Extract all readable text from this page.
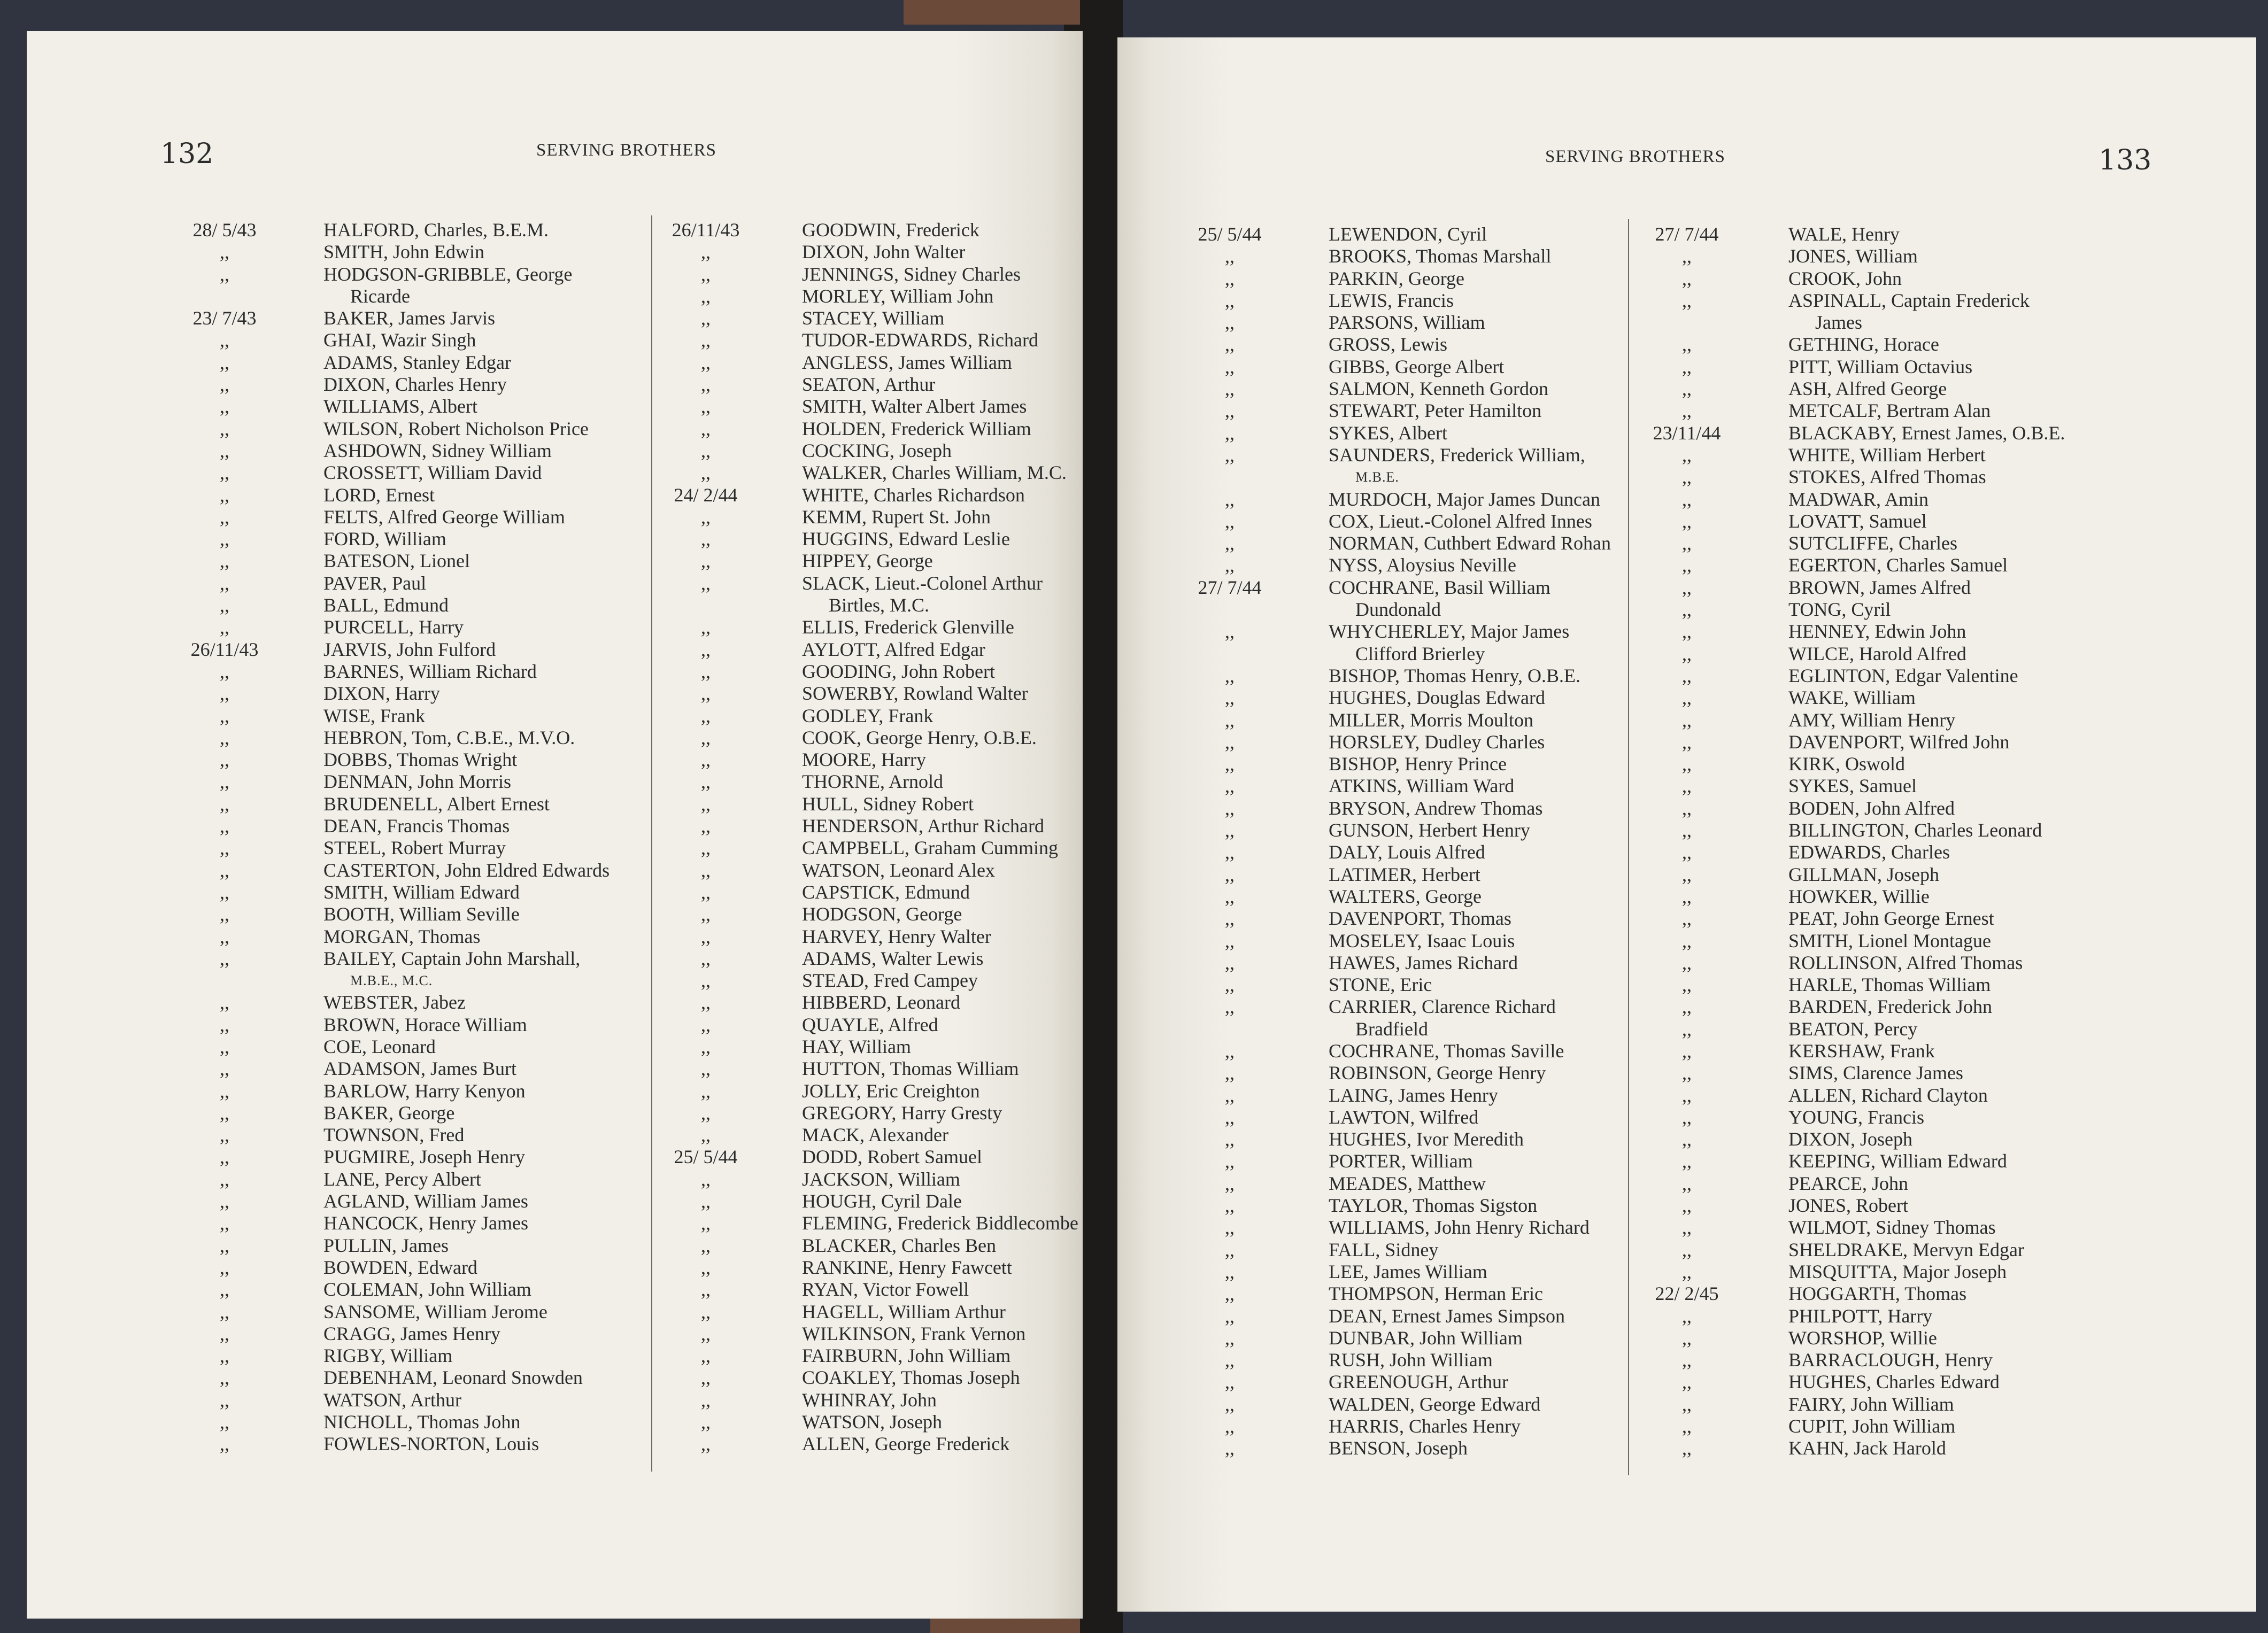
132	SERVING BROTHERS
28/ 5/43	HALFORD, Charles, B.E.M.
,,	SMITH, John Edwin
,,	HODGSON-GRIBBLE, George
Ricarde
23/ 7/43	BAKER, James Jarvis
,,	GHAI, Wazir Singh
,,	ADAMS, Stanley Edgar
,,	DIXON, Charles Henry
,,	WILLIAMS, Albert
,,	WILSON, Robert Nicholson Price
,,	ASHDOWN, Sidney William
,,	CROSSETT, William David
,,	LORD, Ernest
,,	FELTS, Alfred George William
,,	FORD, William
,,	BATESON, Lionel
,,	PAVER, Paul
,,	BALL, Edmund
,,	PURCELL, Harry
26/11/43	JARVIS, John Fulford
,,	BARNES, William Richard
,,	DIXON, Harry
,,	WISE, Frank
,,	HEBRON, Tom, C.B.E., M.V.O.
,,	DOBBS, Thomas Wright
,,	DENMAN, John Morris
,,	BRUDENELL, Albert Ernest
,,	DEAN, Francis Thomas
,,	STEEL, Robert Murray
,,	CASTERTON, John Eldred Edwards
,,	SMITH, William Edward
,,	BOOTH, William Seville
,,	MORGAN, Thomas
,,	BAILEY, Captain John Marshall,
M.B.E., M.C.
,,	WEBSTER, Jabez
,,	BROWN, Horace William
,,	COE, Leonard
,,	ADAMSON, James Burt
,,	BARLOW, Harry Kenyon
,,	BAKER, George
,,	TOWNSON, Fred
,,	PUGMIRE, Joseph Henry
,,	LANE, Percy Albert
,,	AGLAND, William James
,,	HANCOCK, Henry James
,,	PULLIN, James
,,	BOWDEN, Edward
,,	COLEMAN, John William
,,	SANSOME, William Jerome
,,	CRAGG, James Henry
,,	RIGBY, William
,,	DEBENHAM, Leonard Snowden
,,	WATSON, Arthur
,,	NICHOLL, Thomas John
,,	FOWLES-NORTON, Louis
26/11/43	GOODWIN, Frederick
,,	DIXON, John Walter
,,	JENNINGS, Sidney Charles
,,	MORLEY, William John
,,	STACEY, William
,,	TUDOR-EDWARDS, Richard
,,	ANGLESS, James William
,,	SEATON, Arthur
,,	SMITH, Walter Albert James
,,	HOLDEN, Frederick William
,,	COCKING, Joseph
,,	WALKER, Charles William, M.C.
24/ 2/44	WHITE, Charles Richardson
,,	KEMM, Rupert St. John
,,	HUGGINS, Edward Leslie
,,	HIPPEY, George
,,	SLACK, Lieut.-Colonel Arthur
Birtles, M.C.
,,	ELLIS, Frederick Glenville
,,	AYLOTT, Alfred Edgar
,,	GOODING, John Robert
,,	SOWERBY, Rowland Walter
,,	GODLEY, Frank
,,	COOK, George Henry, O.B.E.
,,	MOORE, Harry
,,	THORNE, Arnold
,,	HULL, Sidney Robert
,,	HENDERSON, Arthur Richard
,,	CAMPBELL, Graham Cumming
,,	WATSON, Leonard Alex
,,	CAPSTICK, Edmund
,,	HODGSON, George
,,	HARVEY, Henry Walter
,,	ADAMS, Walter Lewis
,,	STEAD, Fred Campey
,,	HIBBERD, Leonard
,,	QUAYLE, Alfred
,,	HAY, William
,,	HUTTON, Thomas William
,,	JOLLY, Eric Creighton
,,	GREGORY, Harry Gresty
,,	MACK, Alexander
25/ 5/44	DODD, Robert Samuel
,,	JACKSON, William
,,	HOUGH, Cyril Dale
,,	FLEMING, Frederick Biddlecombe
,,	BLACKER, Charles Ben
,,	RANKINE, Henry Fawcett
,,	RYAN, Victor Fowell
,,	HAGELL, William Arthur
,,	WILKINSON, Frank Vernon
,,	FAIRBURN, John William
,,	COAKLEY, Thomas Joseph
,,	WHINRAY, John
,,	WATSON, Joseph
,,	ALLEN, George Frederick
SERVING BROTHERS	133
25/ 5/44	LEWENDON, Cyril
,,	BROOKS, Thomas Marshall
,,	PARKIN, George
,,	LEWIS, Francis
,,	PARSONS, William
,,	GROSS, Lewis
,,	GIBBS, George Albert
,,	SALMON, Kenneth Gordon
,,	STEWART, Peter Hamilton
,,	SYKES, Albert
,,	SAUNDERS, Frederick William,
M.B.E.
,,	MURDOCH, Major James Duncan
,,	COX, Lieut.-Colonel Alfred Innes
,,	NORMAN, Cuthbert Edward Rohan
,,	NYSS, Aloysius Neville
27/ 7/44	COCHRANE, Basil William
Dundonald
,,	WHYCHERLEY, Major James
Clifford Brierley
,,	BISHOP, Thomas Henry, O.B.E.
,,	HUGHES, Douglas Edward
,,	MILLER, Morris Moulton
,,	HORSLEY, Dudley Charles
,,	BISHOP, Henry Prince
,,	ATKINS, William Ward
,,	BRYSON, Andrew Thomas
,,	GUNSON, Herbert Henry
,,	DALY, Louis Alfred
,,	LATIMER, Herbert
,,	WALTERS, George
,,	DAVENPORT, Thomas
,,	MOSELEY, Isaac Louis
,,	HAWES, James Richard
,,	STONE, Eric
,,	CARRIER, Clarence Richard
Bradfield
,,	COCHRANE, Thomas Saville
,,	ROBINSON, George Henry
,,	LAING, James Henry
,,	LAWTON, Wilfred
,,	HUGHES, Ivor Meredith
,,	PORTER, William
,,	MEADES, Matthew
,,	TAYLOR, Thomas Sigston
,,	WILLIAMS, John Henry Richard
,,	FALL, Sidney
,,	LEE, James William
,,	THOMPSON, Herman Eric
,,	DEAN, Ernest James Simpson
,,	DUNBAR, John William
,,	RUSH, John William
,,	GREENOUGH, Arthur
,,	WALDEN, George Edward
,,	HARRIS, Charles Henry
,,	BENSON, Joseph
27/ 7/44	WALE, Henry
,,	JONES, William
,,	CROOK, John
,,	ASPINALL, Captain Frederick
James
,,	GETHING, Horace
,,	PITT, William Octavius
,,	ASH, Alfred George
,,	METCALF, Bertram Alan
23/11/44	BLACKABY, Ernest James, O.B.E.
,,	WHITE, William Herbert
,,	STOKES, Alfred Thomas
,,	MADWAR, Amin
,,	LOVATT, Samuel
,,	SUTCLIFFE, Charles
,,	EGERTON, Charles Samuel
,,	BROWN, James Alfred
,,	TONG, Cyril
,,	HENNEY, Edwin John
,,	WILCE, Harold Alfred
,,	EGLINTON, Edgar Valentine
,,	WAKE, William
,,	AMY, William Henry
,,	DAVENPORT, Wilfred John
,,	KIRK, Oswold
,,	SYKES, Samuel
,,	BODEN, John Alfred
,,	BILLINGTON, Charles Leonard
,,	EDWARDS, Charles
,,	GILLMAN, Joseph
,,	HOWKER, Willie
,,	PEAT, John George Ernest
,,	SMITH, Lionel Montague
,,	ROLLINSON, Alfred Thomas
,,	HARLE, Thomas William
,,	BARDEN, Frederick John
,,	BEATON, Percy
,,	KERSHAW, Frank
,,	SIMS, Clarence James
,,	ALLEN, Richard Clayton
,,	YOUNG, Francis
,,	DIXON, Joseph
,,	KEEPING, William Edward
,,	PEARCE, John
,,	JONES, Robert
,,	WILMOT, Sidney Thomas
,,	SHELDRAKE, Mervyn Edgar
,,	MISQUITTA, Major Joseph
22/ 2/45	HOGGARTH, Thomas
,,	PHILPOTT, Harry
,,	WORSHOP, Willie
,,	BARRACLOUGH, Henry
,,	HUGHES, Charles Edward
,,	FAIRY, John William
,,	CUPIT, John William
,,	KAHN, Jack Harold
